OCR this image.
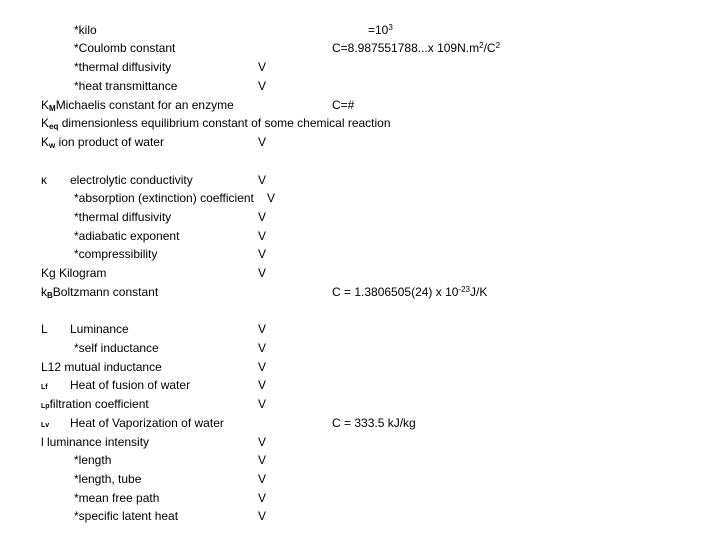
*kilo	$=10^3$
*Coulomb constant	C=8.987551788...x $109N.m^2/C^2$
*thermal diffusivity	V
*heat transmittance	V
$K_MMichaelis$ constant for an enzyme	C=#
$K_{eq}$ dimensionless equilibrium constant of some chemical reaction
$K_w$ ion product of water	V
κ electrolytic conductivity	V
*absorption (extinction) coefficient V
*thermal diffusivity	V
*adiabatic exponent	V
*compressibility	V
Kg Kilogram	V
$k_BBoltzmann$ constant	C = 1.3806505(24) x $10^{-23}J/K$
L Luminance	V
*self inductance	V
L12 mutual inductance	V
Lf Heat of fusion of water	V
Lpfiltration coefficient	V
Lv Heat of Vaporization of water	C = 333.5 kJ/kg
l luminance intensity	V
*length	V
*length, tube	V
*mean free path	V
*specific latent heat	V
